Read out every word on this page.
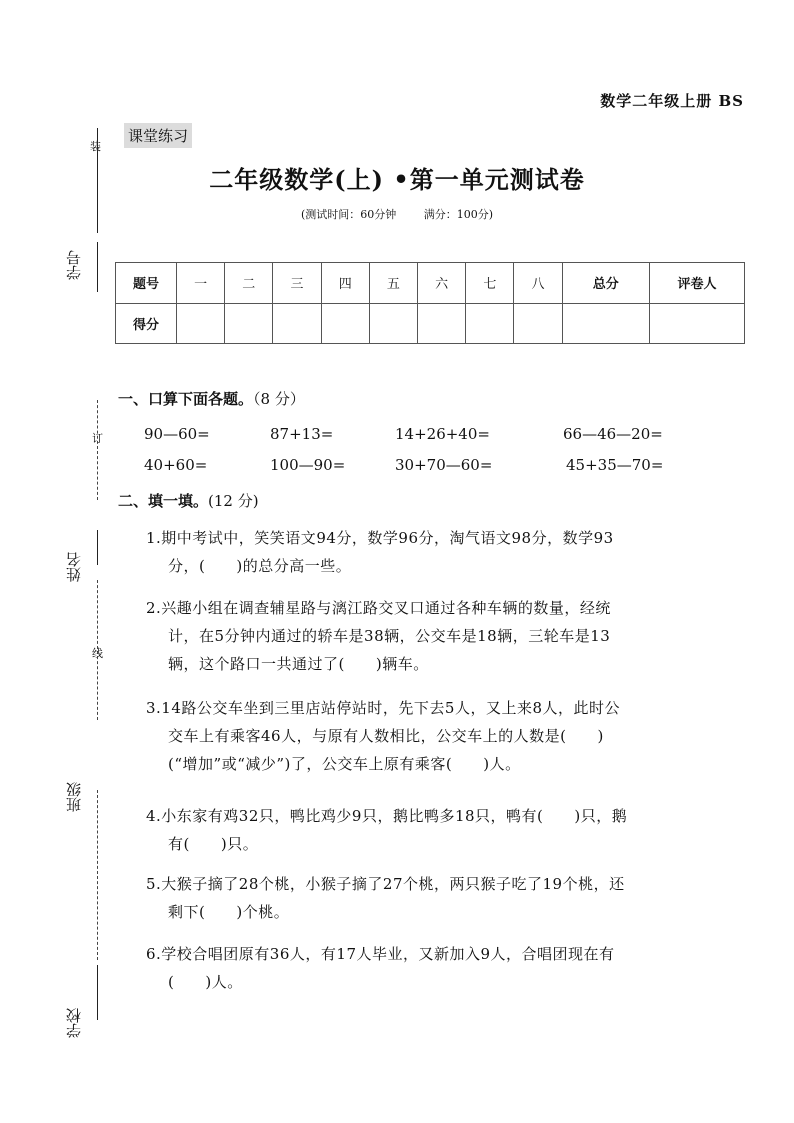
装
学号
订
姓名
线
班级
学校
数学二年级上册 BS
课堂练习
二年级数学(上) •第一单元测试卷
(测试时间：60分钟	满分：100分)
题号	一	二	三	四	五	六	七	八	总分	评卷人
得分										
一、口算下面各题。（8 分）
90—60=	87+13=	14+26+40=	66—46—20=
40+60=	100—90=	30+70—60=	45+35—70=
二、填一填。(12 分)
1.期中考试中，笑笑语文94分，数学96分，淘气语文98分，数学93
分，(　　)的总分高一些。
2.兴趣小组在调查辅星路与漓江路交叉口通过各种车辆的数量，经统
计，在5分钟内通过的轿车是38辆，公交车是18辆，三轮车是13
辆，这个路口一共通过了(　　)辆车。
3.14路公交车坐到三里店站停站时，先下去5人，又上来8人，此时公
交车上有乘客46人，与原有人数相比，公交车上的人数是(　　)
(“增加”或“减少”)了，公交车上原有乘客(　　)人。
4.小东家有鸡32只，鸭比鸡少9只，鹅比鸭多18只，鸭有(　　)只，鹅
有(　　)只。
5.大猴子摘了28个桃，小猴子摘了27个桃，两只猴子吃了19个桃，还
剩下(　　)个桃。
6.学校合唱团原有36人，有17人毕业，又新加入9人，合唱团现在有
(　　)人。
